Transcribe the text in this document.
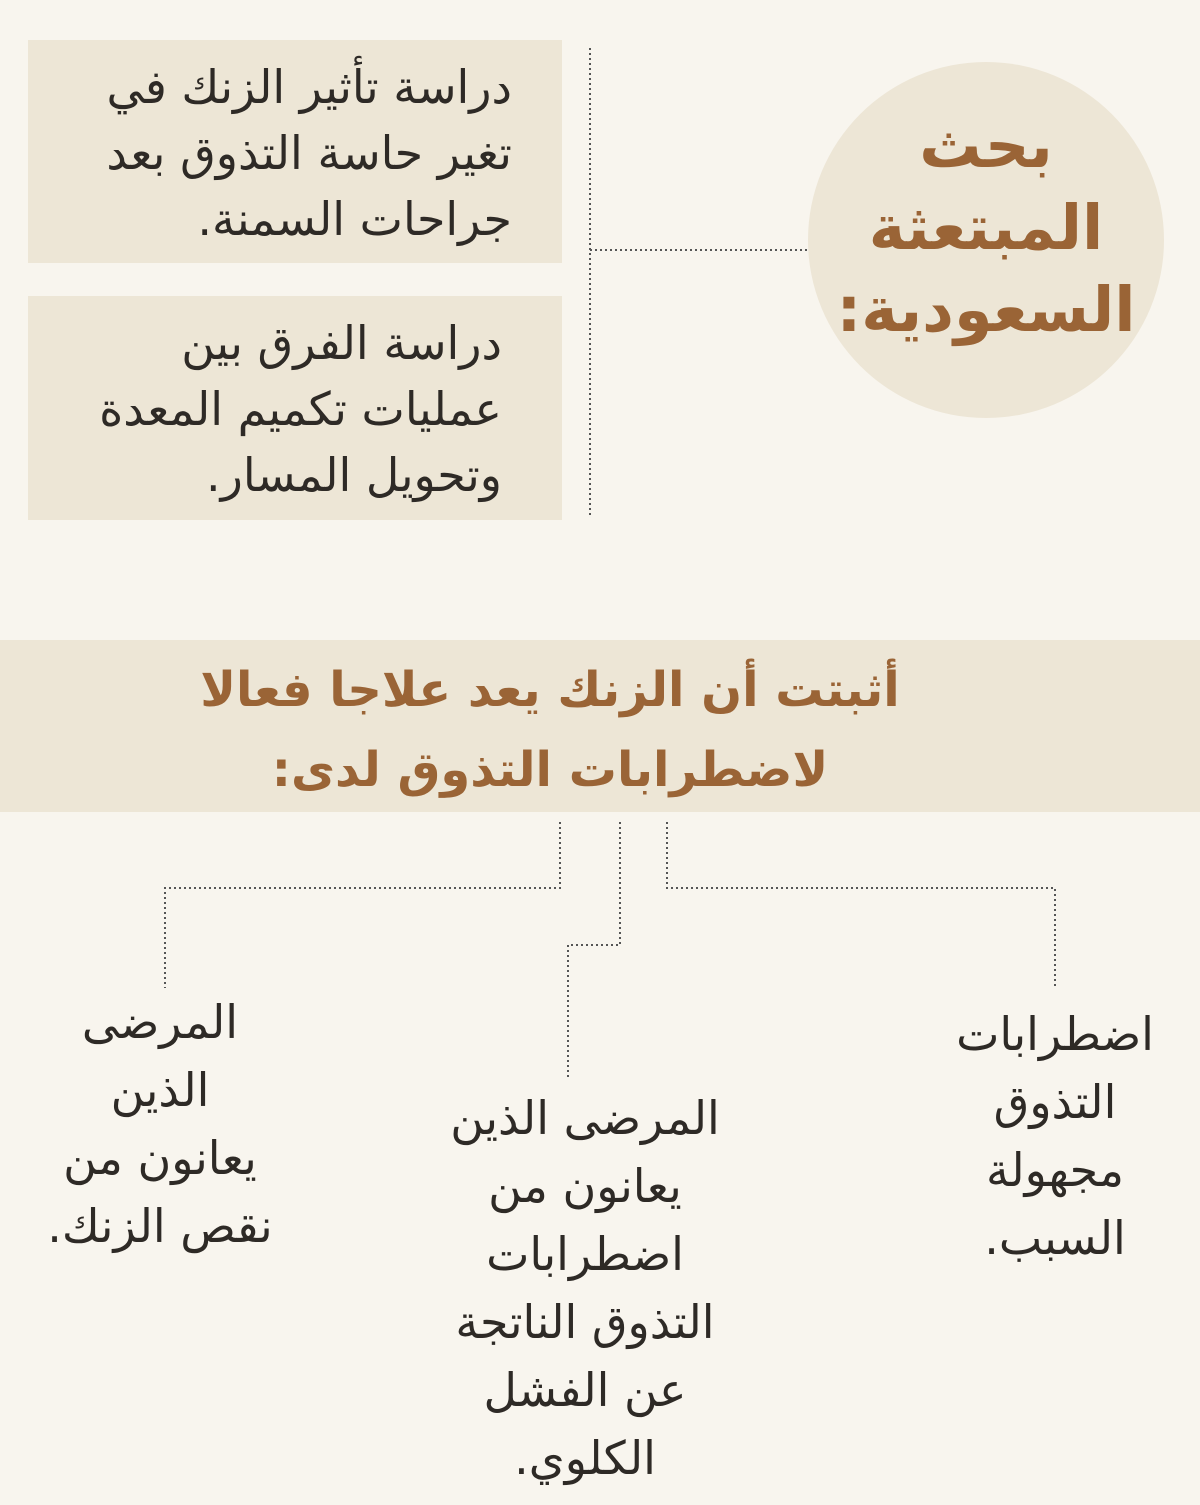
بحث
المبتعثة
السعودية:
دراسة تأثير الزنك في
تغير حاسة التذوق بعد
جراحات السمنة.
دراسة الفرق بين
عمليات تكميم المعدة
وتحويل المسار.
أثبتت أن الزنك يعد علاجا فعالا
لاضطرابات التذوق لدى:
اضطرابات
التذوق
مجهولة
السبب.
المرضى الذين
يعانون من
اضطرابات
التذوق الناتجة
عن الفشل
الكلوي.
المرضى
الذين
يعانون من
نقص الزنك.
